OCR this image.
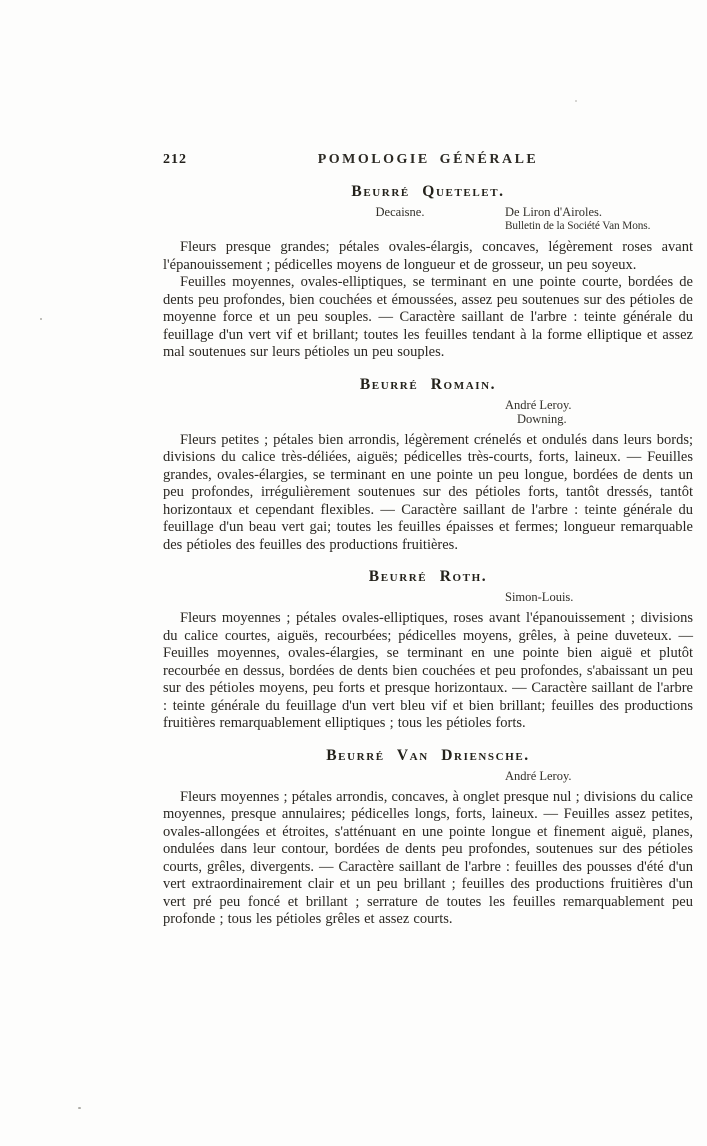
212	POMOLOGIE GÉNÉRALE
Beurré Quetelet.
Decaisne.	De Liron d'Airoles.
Bulletin de la Société Van Mons.

Fleurs presque grandes; pétales ovales-élargis, concaves, légèrement roses avant l'épanouissement ; pédicelles moyens de longueur et de grosseur, un peu soyeux.

Feuilles moyennes, ovales-elliptiques, se terminant en une pointe courte, bordées de dents peu profondes, bien couchées et émoussées, assez peu soutenues sur des pétioles de moyenne force et un peu souples. — Caractère saillant de l'arbre : teinte générale du feuillage d'un vert vif et brillant; toutes les feuilles tendant à la forme elliptique et assez mal soutenues sur leurs pétioles un peu souples.

Beurré Romain.
André Leroy.
Downing.

Fleurs petites ; pétales bien arrondis, légèrement crénelés et ondulés dans leurs bords; divisions du calice très-déliées, aiguës; pédicelles très-courts, forts, laineux. — Feuilles grandes, ovales-élargies, se terminant en une pointe un peu longue, bordées de dents un peu profondes, irrégulièrement soutenues sur des pétioles forts, tantôt dressés, tantôt horizontaux et cependant flexibles. — Caractère saillant de l'arbre : teinte générale du feuillage d'un beau vert gai; toutes les feuilles épaisses et fermes; longueur remarquable des pétioles des feuilles des productions fruitières.

Beurré Roth.
Simon-Louis.

Fleurs moyennes ; pétales ovales-elliptiques, roses avant l'épanouissement ; divisions du calice courtes, aiguës, recourbées; pédicelles moyens, grêles, à peine duveteux. — Feuilles moyennes, ovales-élargies, se terminant en une pointe bien aiguë et plutôt recourbée en dessus, bordées de dents bien couchées et peu profondes, s'abaissant un peu sur des pétioles moyens, peu forts et presque horizontaux. — Caractère saillant de l'arbre : teinte générale du feuillage d'un vert bleu vif et bien brillant; feuilles des productions fruitières remarquablement elliptiques ; tous les pétioles forts.

Beurré Van Driensche.
André Leroy.

Fleurs moyennes ; pétales arrondis, concaves, à onglet presque nul ; divisions du calice moyennes, presque annulaires; pédicelles longs, forts, laineux. — Feuilles assez petites, ovales-allongées et étroites, s'atténuant en une pointe longue et finement aiguë, planes, ondulées dans leur contour, bordées de dents peu profondes, soutenues sur des pétioles courts, grêles, divergents. — Caractère saillant de l'arbre : feuilles des pousses d'été d'un vert extraordinairement clair et un peu brillant ; feuilles des productions fruitières d'un vert pré peu foncé et brillant ; serrature de toutes les feuilles remarquablement peu profonde ; tous les pétioles grêles et assez courts.
